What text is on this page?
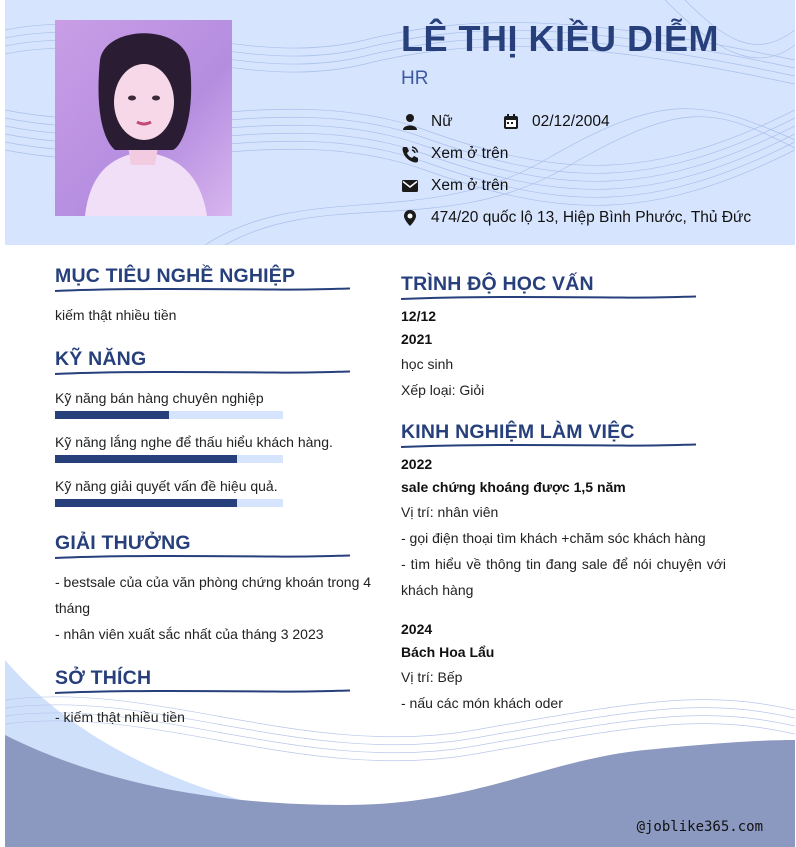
LÊ THỊ KIỀU DIỄM
HR
Nữ	02/12/2004
Xem ở trên
Xem ở trên
474/20 quốc lộ 13, Hiệp Bình Phước, Thủ Đức
MỤC TIÊU NGHỀ NGHIỆP
kiếm thật nhiều tiền
KỸ NĂNG
Kỹ năng bán hàng chuyên nghiệp
Kỹ năng lắng nghe để thấu hiểu khách hàng.
Kỹ năng giải quyết vấn đề hiệu quả.
GIẢI THƯỞNG
- bestsale của của văn phòng chứng khoán trong 4 tháng
- nhân viên xuất sắc nhất của tháng 3 2023
SỞ THÍCH
- kiếm thật nhiều tiền
TRÌNH ĐỘ HỌC VẤN
12/12
2021
học sinh
Xếp loại: Giỏi
KINH NGHIỆM LÀM VIỆC
2022
sale chứng khoáng được 1,5 năm
Vị trí: nhân viên
- gọi điện thoại tìm khách +chăm sóc khách hàng
- tìm hiểu về thông tin đang sale để nói chuyện với khách hàng
2024
Bách Hoa Lẩu
Vị trí: Bếp
- nấu các món khách oder
@joblike365.com
